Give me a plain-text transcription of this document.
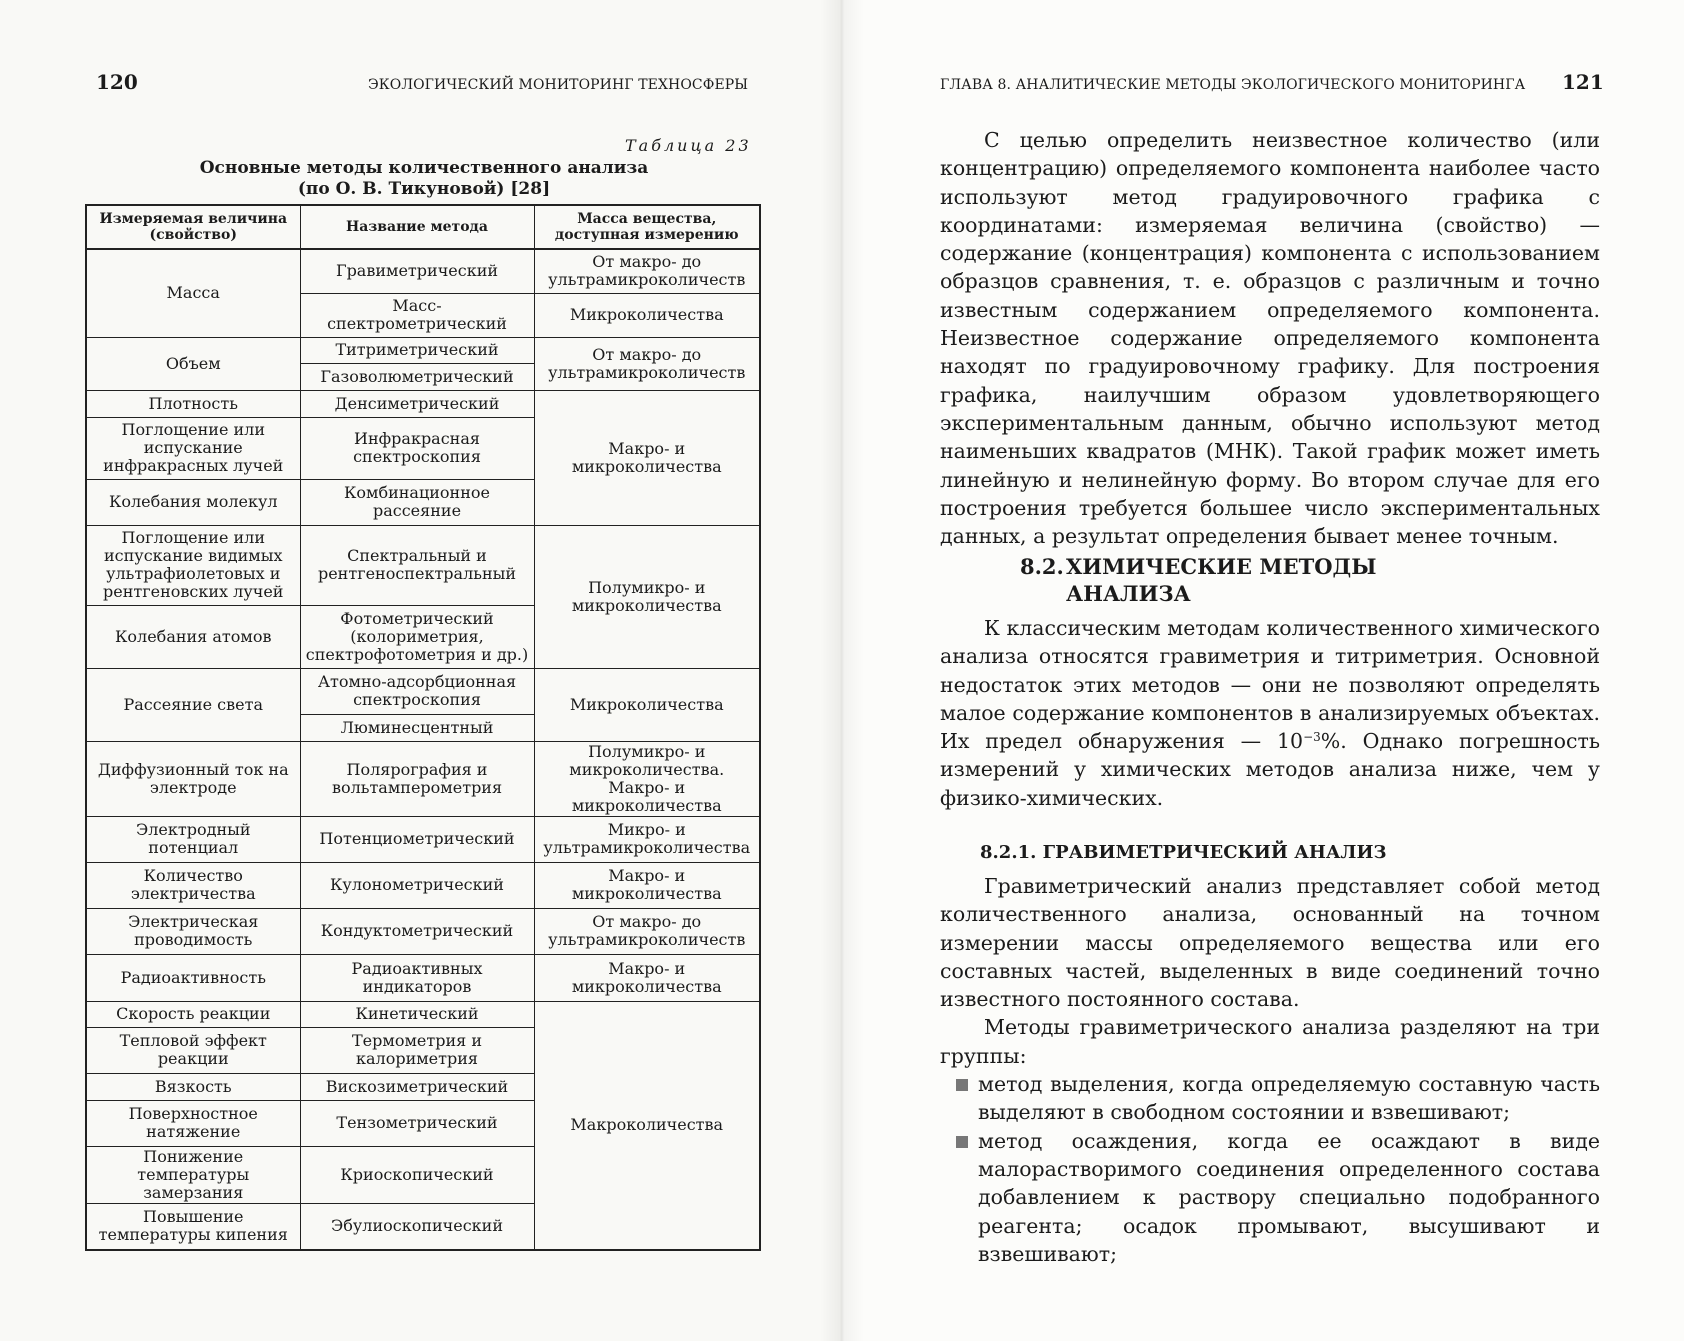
120	ЭКОЛОГИЧЕСКИЙ МОНИТОРИНГ ТЕХНОСФЕРЫ
Таблица 23
Основные методы количественного анализа
(по О. В. Тикуновой) [28]
Измеряемая величина (свойство)	Название метода	Масса вещества, доступная измерению
Масса	Гравиметрический	От макро- до ультрамикроколичеств
	Масс-спектрометрический	Микроколичества
Объем	Титриметрический	От макро- до ультрамикроколичеств
	Газоволюметрический	
Плотность	Денсиметрический	Макро- и микроколичества
Поглощение или испускание инфракрасных лучей	Инфракрасная спектроскопия	
Колебания молекул	Комбинационное рассеяние	
Поглощение или испускание видимых ультрафиолетовых и рентгеновских лучей	Спектральный и рентгеноспектральный	Полумикро- и микроколичества
Колебания атомов	Фотометрический (колориметрия, спектрофотометрия и др.)	
Рассеяние света	Атомно-адсорбционная спектроскопия	Микроколичества
	Люминесцентный	
Диффузионный ток на электроде	Полярография и вольтамперометрия	Полумикро- и микроколичества. Макро- и микроколичества
Электродный потенциал	Потенциометрический	Микро- и ультрамикроколичества
Количество электричества	Кулонометрический	Макро- и микроколичества
Электрическая проводимость	Кондуктометрический	От макро- до ультрамикроколичеств
Радиоактивность	Радиоактивных индикаторов	Макро- и микроколичества
Скорость реакции	Кинетический	Макроколичества
Тепловой эффект реакции	Термометрия и калориметрия	
Вязкость	Вискозиметрический	
Поверхностное натяжение	Тензометрический	
Понижение температуры замерзания	Криоскопический	
Повышение температуры кипения	Эбулиоскопический	
ГЛАВА 8. АНАЛИТИЧЕСКИЕ МЕТОДЫ ЭКОЛОГИЧЕСКОГО МОНИТОРИНГА 121

С целью определить неизвестное количество (или концентрацию) определяемого компонента наиболее часто используют метод градуировочного графика с координатами: измеряемая величина (свойство) — содержание (концентрация) компонента с использованием образцов сравнения, т. е. образцов с различным и точно известным содержанием определяемого компонента. Неизвестное содержание определяемого компонента находят по градуировочному графику. Для построения графика, наилучшим образом удовлетворяющего экспериментальным данным, обычно используют метод наименьших квадратов (МНК). Такой график может иметь линейную и нелинейную форму. Во втором случае для его построения требуется большее число экспериментальных данных, а результат определения бывает менее точным.

8.2. ХИМИЧЕСКИЕ МЕТОДЫ
АНАЛИЗА

К классическим методам количественного химического анализа относятся гравиметрия и титриметрия. Основной недостаток этих методов — они не позволяют определять малое содержание компонентов в анализируемых объектах. Их предел обнаружения — $10^{-3}\%$. Однако погрешность измерений у химических методов анализа ниже, чем у физико-химических.

8.2.1. ГРАВИМЕТРИЧЕСКИЙ АНАЛИЗ

Гравиметрический анализ представляет собой метод количественного анализа, основанный на точном измерении массы определяемого вещества или его составных частей, выделенных в виде соединений точно известного постоянного состава.

Методы гравиметрического анализа разделяют на три группы:

метод выделения, когда определяемую составную часть выделяют в свободном состоянии и взвешивают;
метод осаждения, когда ее осаждают в виде малорастворимого соединения определенного состава добавлением к раствору специально подобранного реагента; осадок промывают, высушивают и взвешивают;
